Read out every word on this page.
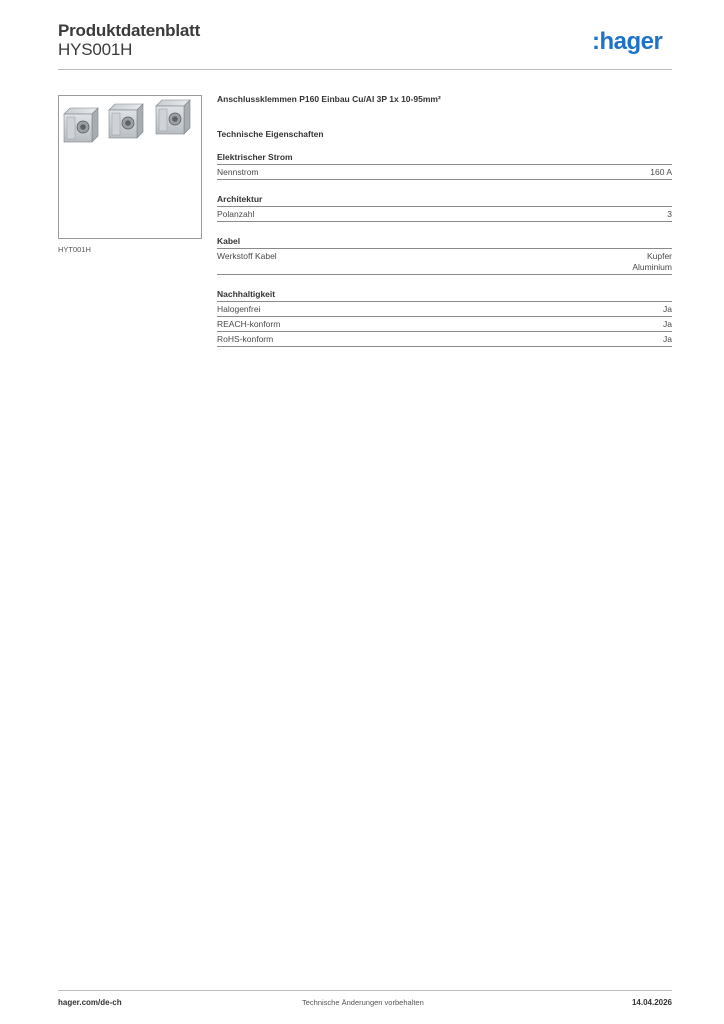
Produktdatenblatt
HYS001H	:hager
HYT001H

Anschlussklemmen P160 Einbau Cu/Al 3P 1x 10-95mm²

Technische Eigenschaften

Elektrischer Strom
Nennstrom	160 A
Architektur
Polanzahl	3
Kabel
Werkstoff Kabel	Kupfer
Aluminium
Nachhaltigkeit
Halogenfrei	Ja
REACH-konform	Ja
RoHS-konform	Ja
hager.com/de-ch	Technische Änderungen vorbehalten	14.04.2026
